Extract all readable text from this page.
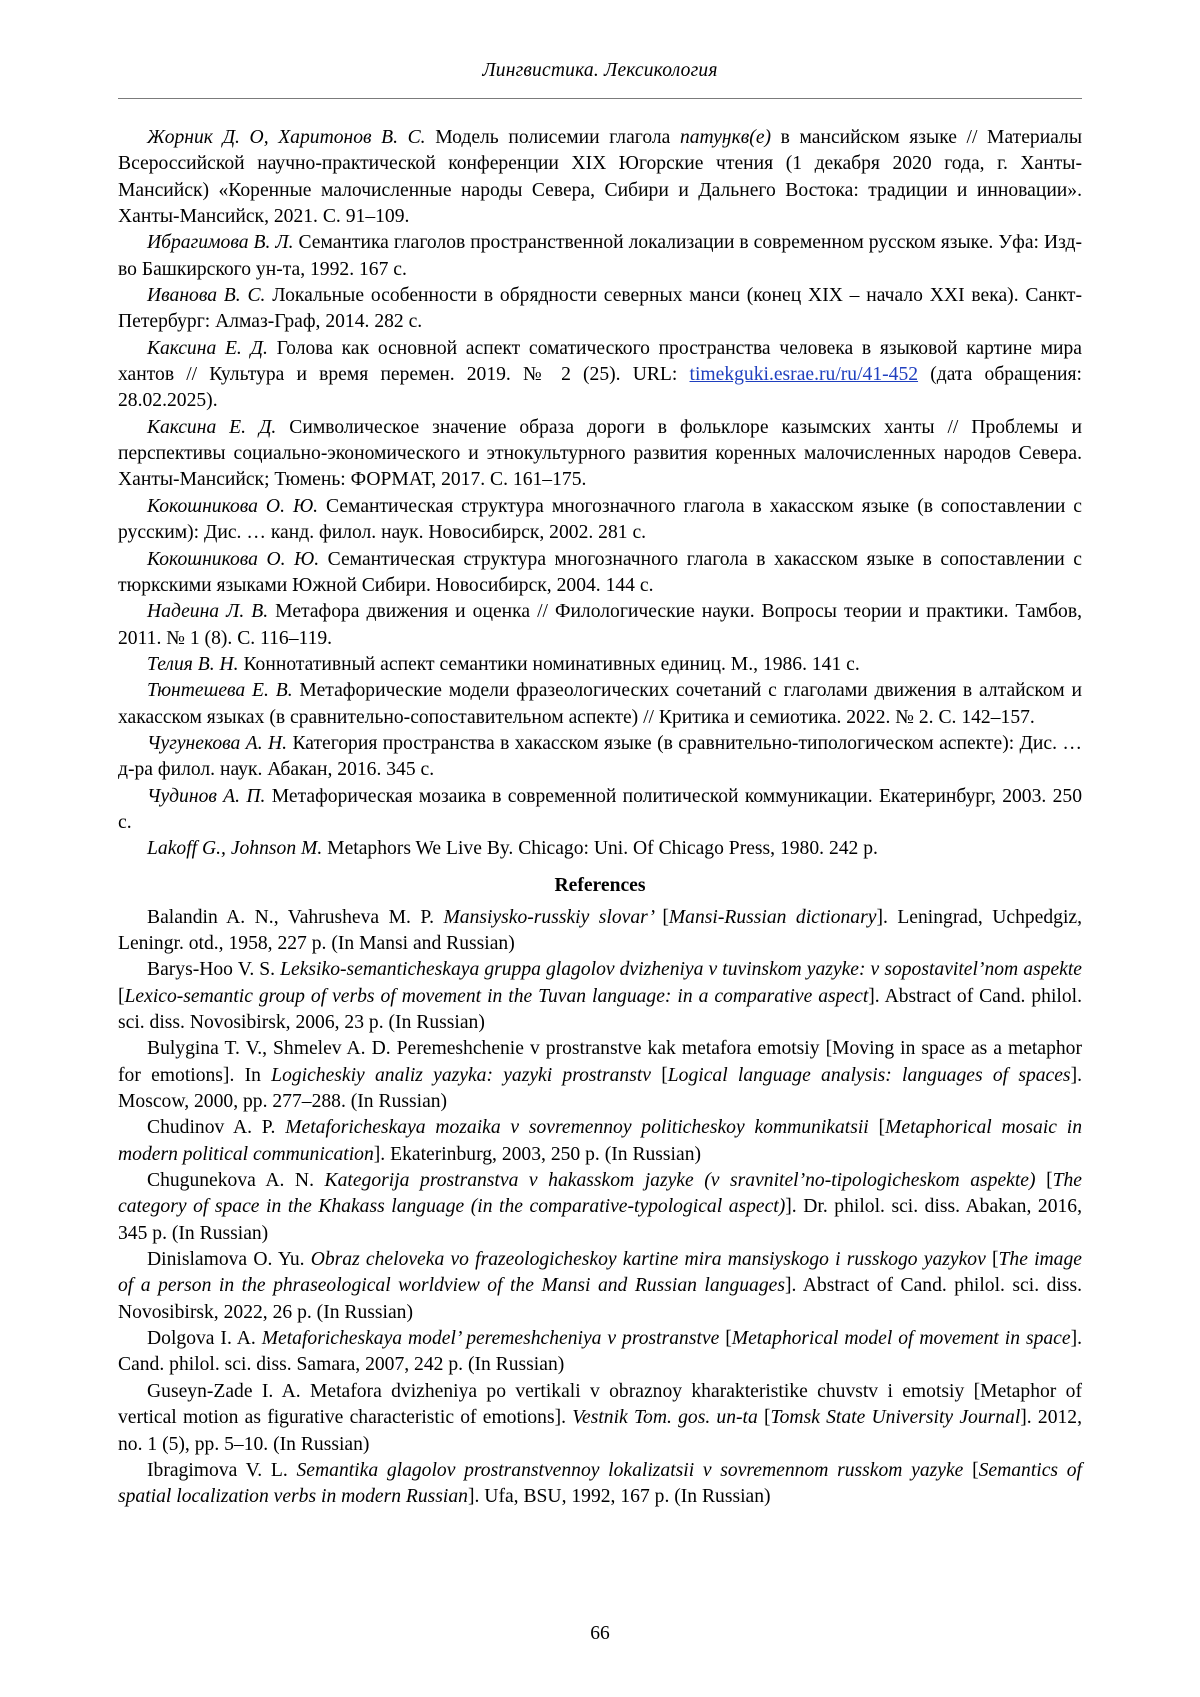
Лингвистика. Лексикология

Жорник Д. О, Харитонов В. С. Модель полисемии глагола патуӈкв(е) в мансийском языке // Материалы Всероссийской научно-практической конференции XIX Югорские чтения (1 декабря 2020 года, г. Ханты-Мансийск) «Коренные малочисленные народы Севера, Сибири и Дальнего Востока: традиции и инновации». Ханты-Мансийск, 2021. С. 91–109.

Ибрагимова В. Л. Семантика глаголов пространственной локализации в современном русском языке. Уфа: Изд-во Башкирского ун-та, 1992. 167 с.

Иванова В. С. Локальные особенности в обрядности северных манси (конец XIX – начало XXI века). Санкт-Петербург: Алмаз-Граф, 2014. 282 с.

Каксина Е. Д. Голова как основной аспект соматического пространства человека в языковой картине мира хантов // Культура и время перемен. 2019. № 2 (25). URL: timekguki.esrae.ru/ru/41-452 (дата обращения: 28.02.2025).

Каксина Е. Д. Символическое значение образа дороги в фольклоре казымских ханты // Проблемы и перспективы социально-экономического и этнокультурного развития коренных малочисленных народов Севера. Ханты-Мансийск; Тюмень: ФОРМАТ, 2017. С. 161–175.

Кокошникова О. Ю. Семантическая структура многозначного глагола в хакасском языке (в сопоставлении с русским): Дис. … канд. филол. наук. Новосибирск, 2002. 281 с.

Кокошникова О. Ю. Семантическая структура многозначного глагола в хакасском языке в сопоставлении с тюркскими языками Южной Сибири. Новосибирск, 2004. 144 с.

Надеина Л. В. Метафора движения и оценка // Филологические науки. Вопросы теории и практики. Тамбов, 2011. № 1 (8). С. 116–119.

Телия В. Н. Коннотативный аспект семантики номинативных единиц. М., 1986. 141 с.

Тюнтешева Е. В. Метафорические модели фразеологических сочетаний с глаголами движения в алтайском и хакасском языках (в сравнительно-сопоставительном аспекте) // Критика и семиотика. 2022. № 2. С. 142–157.

Чугунекова А. Н. Категория пространства в хакасском языке (в сравнительно-типологическом аспекте): Дис. … д-ра филол. наук. Абакан, 2016. 345 с.

Чудинов А. П. Метафорическая мозаика в современной политической коммуникации. Екатеринбург, 2003. 250 с.

Lakoff G., Johnson M. Metaphors We Live By. Chicago: Uni. Of Chicago Press, 1980. 242 p.

References

Balandin A. N., Vahrusheva M. P. Mansiysko-russkiy slovar’ [Mansi-Russian dictionary]. Leningrad, Uchpedgiz, Leningr. otd., 1958, 227 p. (In Mansi and Russian)

Barys-Hoo V. S. Leksiko-semanticheskaya gruppa glagolov dvizheniya v tuvinskom yazyke: v sopostavitel’nom aspekte [Lexico-semantic group of verbs of movement in the Tuvan language: in a comparative aspect]. Abstract of Cand. philol. sci. diss. Novosibirsk, 2006, 23 p. (In Russian)

Bulygina T. V., Shmelev A. D. Peremeshchenie v prostranstve kak metafora emotsiy [Moving in space as a metaphor for emotions]. In Logicheskiy analiz yazyka: yazyki prostranstv [Logical language analysis: languages of spaces]. Moscow, 2000, pp. 277–288. (In Russian)

Chudinov A. P. Metaforicheskaya mozaika v sovremennoy politicheskoy kommunikatsii [Metaphorical mosaic in modern political communication]. Ekaterinburg, 2003, 250 p. (In Russian)

Chugunekova A. N. Kategorija prostranstva v hakasskom jazyke (v sravnitel’no-tipologicheskom aspekte) [The category of space in the Khakass language (in the comparative-typological aspect)]. Dr. philol. sci. diss. Abakan, 2016, 345 p. (In Russian)

Dinislamova O. Yu. Obraz cheloveka vo frazeologicheskoy kartine mira mansiyskogo i russkogo yazykov [The image of a person in the phraseological worldview of the Mansi and Russian languages]. Abstract of Cand. philol. sci. diss. Novosibirsk, 2022, 26 p. (In Russian)

Dolgova I. A. Metaforicheskaya model’ peremeshcheniya v prostranstve [Metaphorical model of movement in space]. Cand. philol. sci. diss. Samara, 2007, 242 p. (In Russian)

Guseyn-Zade I. A. Metafora dvizheniya po vertikali v obraznoy kharakteristike chuvstv i emotsiy [Metaphor of vertical motion as figurative characteristic of emotions]. Vestnik Tom. gos. un-ta [Tomsk State University Journal]. 2012, no. 1 (5), pp. 5–10. (In Russian)

Ibragimova V. L. Semantika glagolov prostranstvennoy lokalizatsii v sovremennom russkom yazyke [Semantics of spatial localization verbs in modern Russian]. Ufa, BSU, 1992, 167 p. (In Russian)

66
